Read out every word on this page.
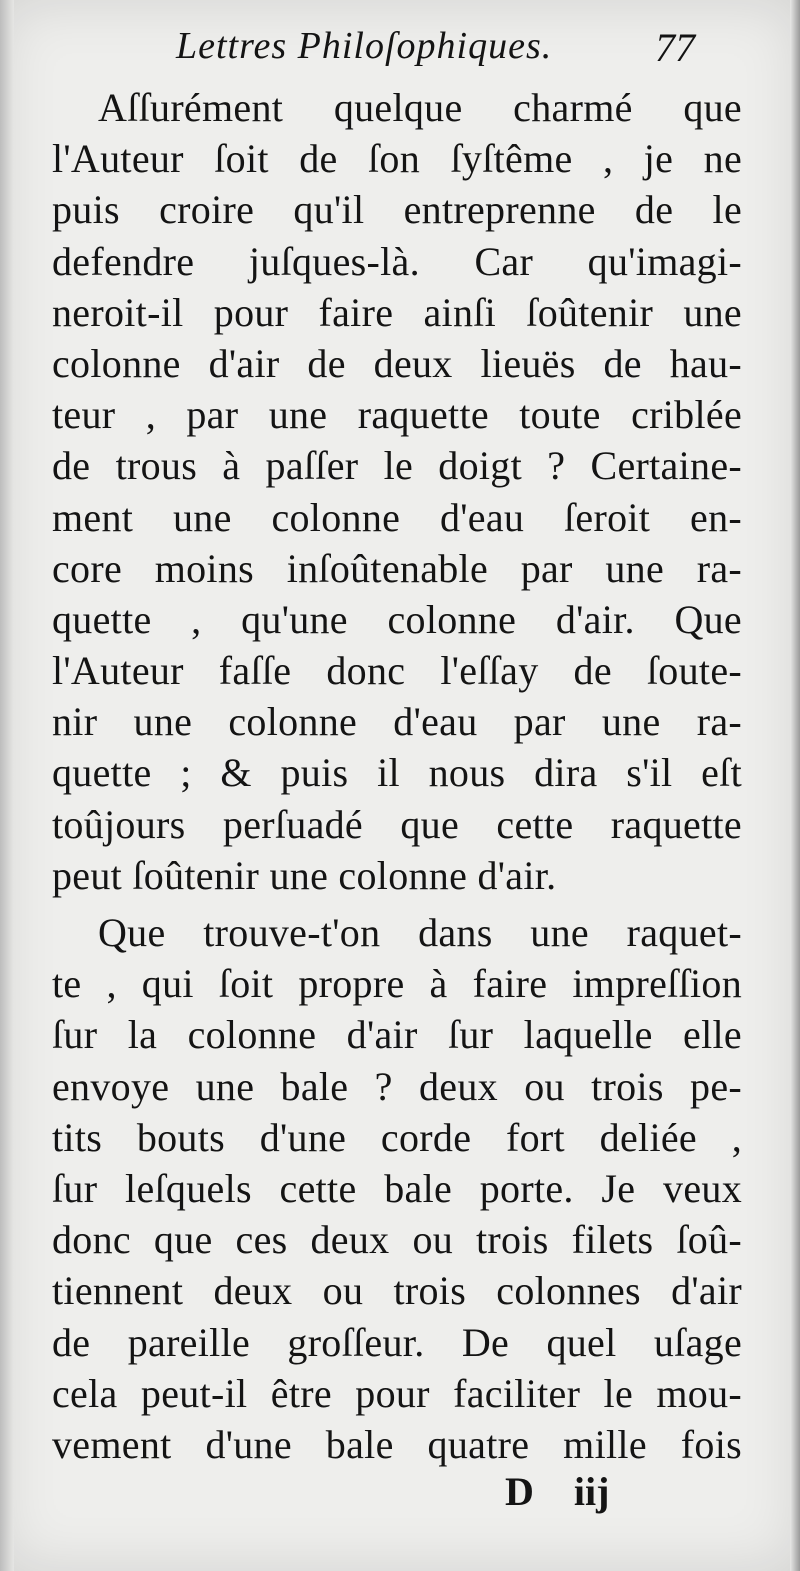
Lettres Philoſophiques.	77
Aſſurément quelque charmé que
l'Auteur ſoit de ſon ſyſtême , je ne
puis croire qu'il entreprenne de le
defendre juſques-là. Car qu'imagi-
neroit-il pour faire ainſi ſoûtenir une
colonne d'air de deux lieuës de hau-
teur , par une raquette toute criblée
de trous à paſſer le doigt ? Certaine-
ment une colonne d'eau ſeroit en-
core moins inſoûtenable par une ra-
quette , qu'une colonne d'air. Que
l'Auteur faſſe donc l'eſſay de ſoute-
nir une colonne d'eau par une ra-
quette ; & puis il nous dira s'il eſt
toûjours perſuadé que cette raquette
peut ſoûtenir une colonne d'air.
Que trouve-t'on dans une raquet-
te , qui ſoit propre à faire impreſſion
ſur la colonne d'air ſur laquelle elle
envoye une bale ? deux ou trois pe-
tits bouts d'une corde fort deliée ,
ſur leſquels cette bale porte. Je veux
donc que ces deux ou trois filets ſoû-
tiennent deux ou trois colonnes d'air
de pareille groſſeur. De quel uſage
cela peut-il être pour faciliter le mou-
vement d'une bale quatre mille fois
D iij
